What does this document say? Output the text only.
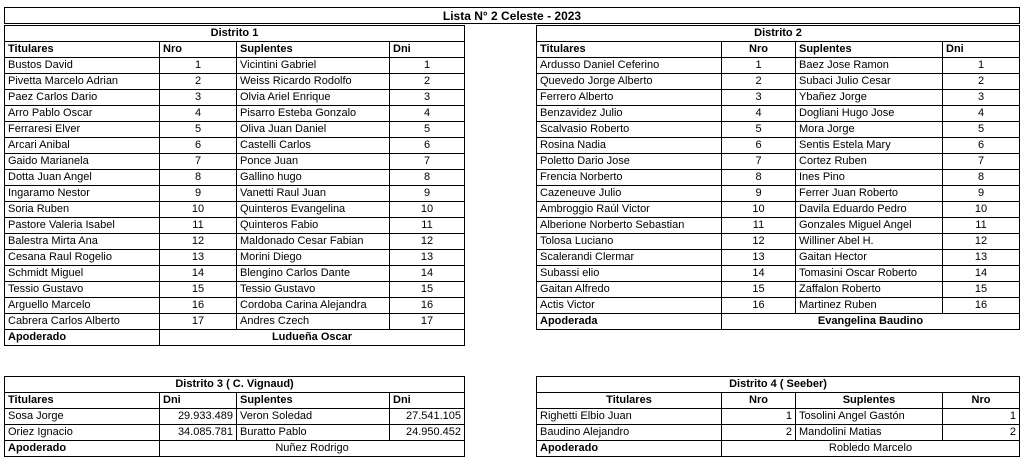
Lista N° 2 Celeste - 2023
Distrito 1			
Titulares	Nro	Suplentes	Dni
Bustos David	1	Vicintini Gabriel	1
Pivetta Marcelo Adrian	2	Weiss Ricardo Rodolfo	2
Paez Carlos Dario	3	Olvia Ariel Enrique	3
Arro Pablo Oscar	4	Pisarro Esteba Gonzalo	4
Ferraresi Elver	5	Oliva Juan Daniel	5
Arcari Anibal	6	Castelli Carlos	6
Gaido Marianela	7	Ponce Juan	7
Dotta Juan Angel	8	Gallino hugo	8
Ingaramo Nestor	9	Vanetti Raul Juan	9
Soria Ruben	10	Quinteros Evangelina	10
Pastore Valeria Isabel	11	Quinteros Fabio	11
Balestra Mirta Ana	12	Maldonado Cesar Fabian	12
Cesana Raul Rogelio	13	Morini Diego	13
Schmidt Miguel	14	Blengino Carlos Dante	14
Tessio Gustavo	15	Tessio Gustavo	15
Arguello Marcelo	16	Cordoba Carina Alejandra	16
Cabrera Carlos Alberto	17	Andres Czech	17
Apoderado	Ludueña Oscar		
Distrito 2			
Titulares	Nro	Suplentes	Dni
Ardusso Daniel Ceferino	1	Baez Jose Ramon	1
Quevedo Jorge Alberto	2	Subaci Julio Cesar	2
Ferrero Alberto	3	Ybañez Jorge	3
Benzavidez Julio	4	Dogliani Hugo Jose	4
Scalvasio Roberto	5	Mora Jorge	5
Rosina Nadia	6	Sentis Estela Mary	6
Poletto Dario Jose	7	Cortez Ruben	7
Frencia Norberto	8	Ines Pino	8
Cazeneuve Julio	9	Ferrer Juan Roberto	9
Ambroggio Raúl Victor	10	Davila Eduardo Pedro	10
Alberione Norberto Sebastian	11	Gonzales Miguel Angel	11
Tolosa Luciano	12	Williner Abel H.	12
Scalerandi Clermar	13	Gaitan Hector	13
Subassi elio	14	Tomasini Oscar Roberto	14
Gaitan Alfredo	15	Zaffalon Roberto	15
Actis Victor	16	Martinez Ruben	16
Apoderada	Evangelina Baudino		
Distrito 3 ( C. Vignaud)			
Titulares	Dni	Suplentes	Dni
Sosa Jorge	29.933.489	Veron Soledad	27.541.105
Oriez Ignacio	34.085.781	Buratto Pablo	24.950.452
Apoderado	Nuñez Rodrigo		
Distrito 4 ( Seeber)			
Titulares	Nro	Suplentes	Nro
Righetti Elbio Juan	1	Tosolini Angel Gastón	1
Baudino Alejandro	2	Mandolini Matias	2
Apoderado	Robledo Marcelo		
